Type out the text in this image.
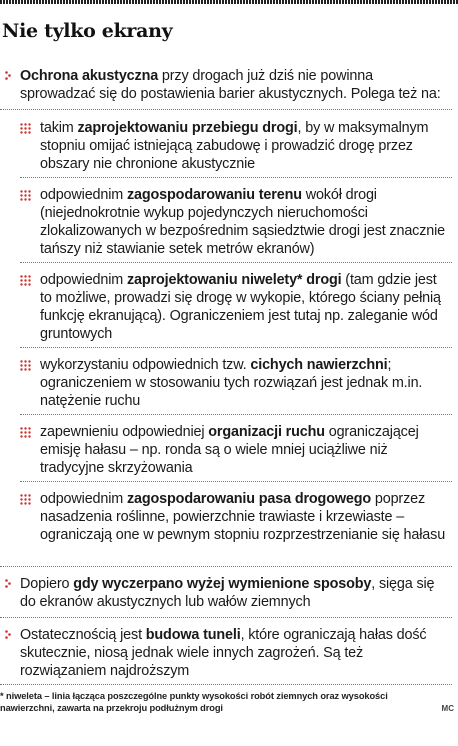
Nie tylko ekrany
Ochrona akustyczna przy drogach już dziś nie powinna sprowadzać się do postawienia barier akustycznych. Polega też na:
takim zaprojektowaniu przebiegu drogi, by w maksymalnym stopniu omijać istniejącą zabudowę i prowadzić drogę przez obszary nie chronione akustycznie
odpowiednim zagospodarowaniu terenu wokół drogi (niejednokrotnie wykup pojedynczych nieruchomości zlokalizowanych w bezpośrednim sąsiedztwie drogi jest znacznie tańszy niż stawianie setek metrów ekranów)
odpowiednim zaprojektowaniu niwelety* drogi (tam gdzie jest to możliwe, prowadzi się drogę w wykopie, którego ściany pełnią funkcję ekranującą). Ograniczeniem jest tutaj np. zaleganie wód gruntowych
wykorzystaniu odpowiednich tzw. cichych nawierzchni; ograniczeniem w stosowaniu tych rozwiązań jest jednak m.in. natężenie ruchu
zapewnieniu odpowiedniej organizacji ruchu ograniczającej emisję hałasu – np. ronda są o wiele mniej uciążliwe niż tradycyjne skrzyżowania
odpowiednim zagospodarowaniu pasa drogowego poprzez nasadzenia roślinne, powierzchnie trawiaste i krzewiaste – ograniczają one w pewnym stopniu rozprzestrzenianie się hałasu
Dopiero gdy wyczerpano wyżej wymienione sposoby, sięga się do ekranów akustycznych lub wałów ziemnych
Ostatecznością jest budowa tuneli, które ograniczają hałas dość skutecznie, niosą jednak wiele innych zagrożeń. Są też rozwiązaniem najdroższym
* niweleta – linia łącząca poszczególne punkty wysokości robót ziemnych oraz wysokości nawierzchni, zawarta na przekroju podłużnym drogi	MC
